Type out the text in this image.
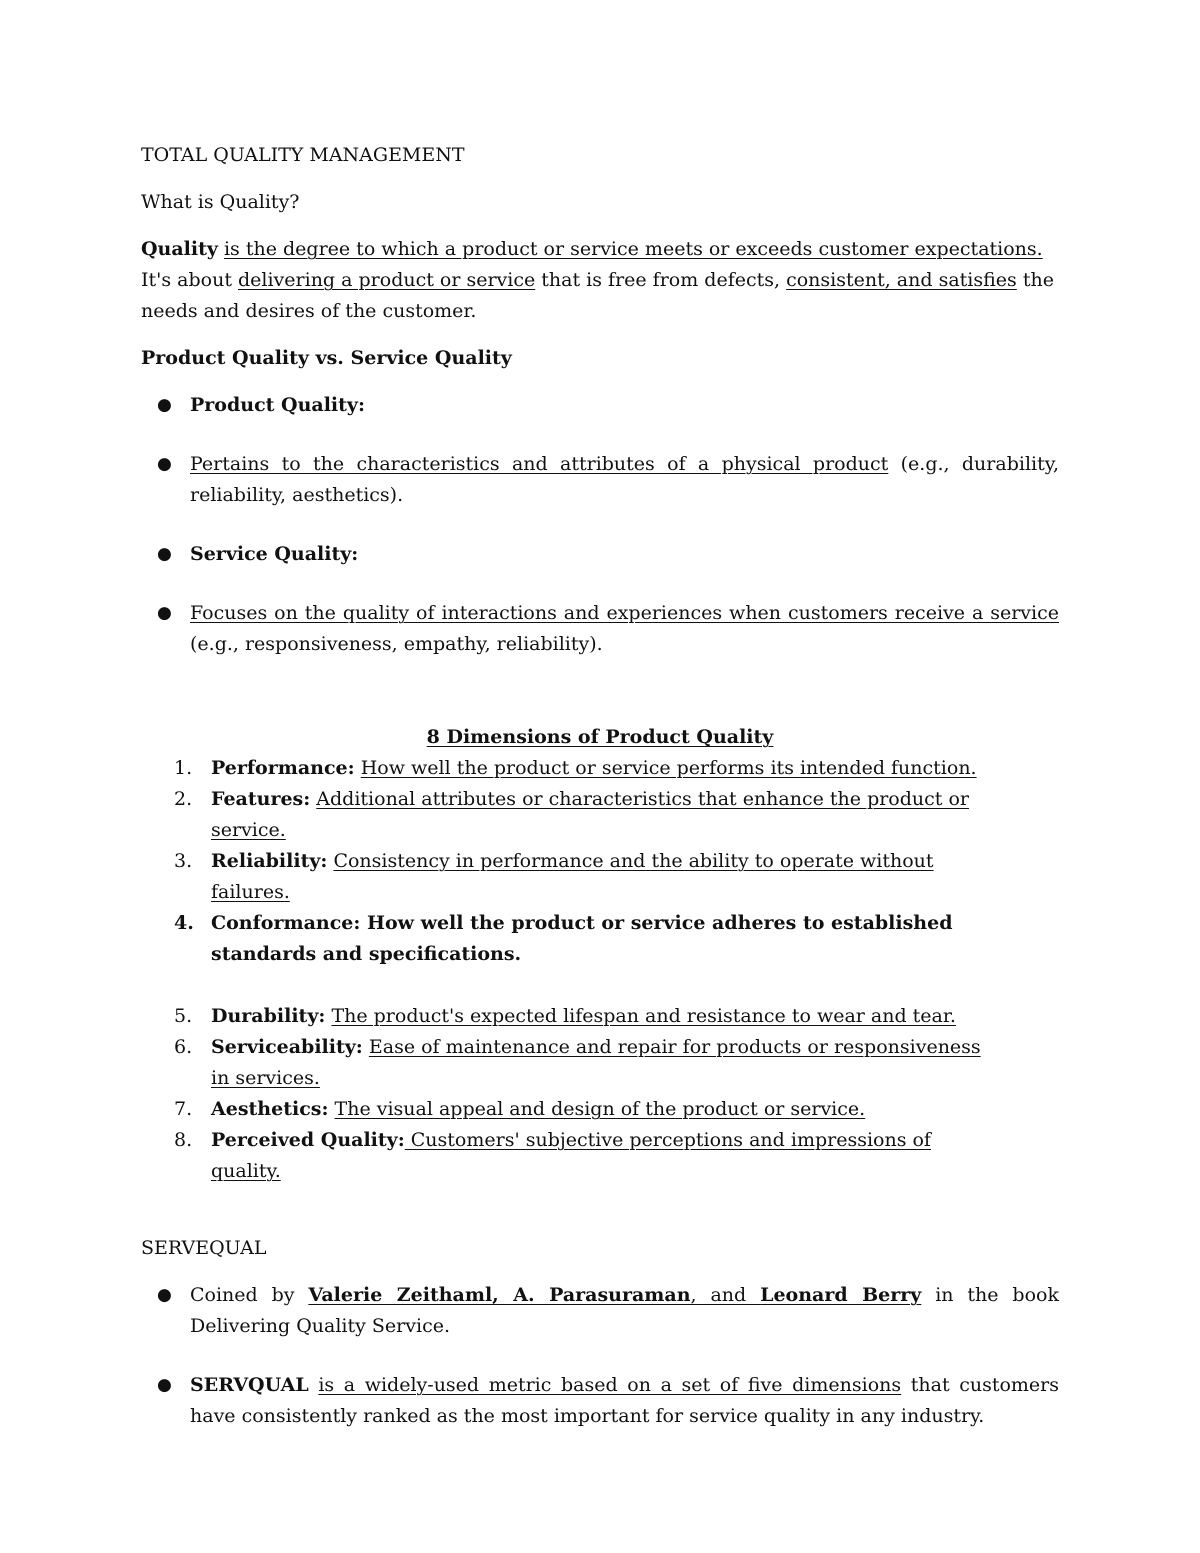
TOTAL QUALITY MANAGEMENT

What is Quality?

Quality is the degree to which a product or service meets or exceeds customer expectations. It's about delivering a product or service that is free from defects, consistent, and satisfies the needs and desires of the customer.

Product Quality vs. Service Quality

● Product Quality:
● Pertains to the characteristics and attributes of a physical product (e.g., durability, reliability, aesthetics).
● Service Quality:
● Focuses on the quality of interactions and experiences when customers receive a service (e.g., responsiveness, empathy, reliability).

8 Dimensions of Product Quality

1. Performance: How well the product or service performs its intended function.
2. Features: Additional attributes or characteristics that enhance the product or service.
3. Reliability: Consistency in performance and the ability to operate without failures.
4. Conformance: How well the product or service adheres to established standards and specifications.
5. Durability: The product's expected lifespan and resistance to wear and tear.
6. Serviceability: Ease of maintenance and repair for products or responsiveness in services.
7. Aesthetics: The visual appeal and design of the product or service.
8. Perceived Quality: Customers' subjective perceptions and impressions of quality.

SERVEQUAL

● Coined by Valerie Zeithaml, A. Parasuraman, and Leonard Berry in the book Delivering Quality Service.
● SERVQUAL is a widely-used metric based on a set of five dimensions that customers have consistently ranked as the most important for service quality in any industry.
